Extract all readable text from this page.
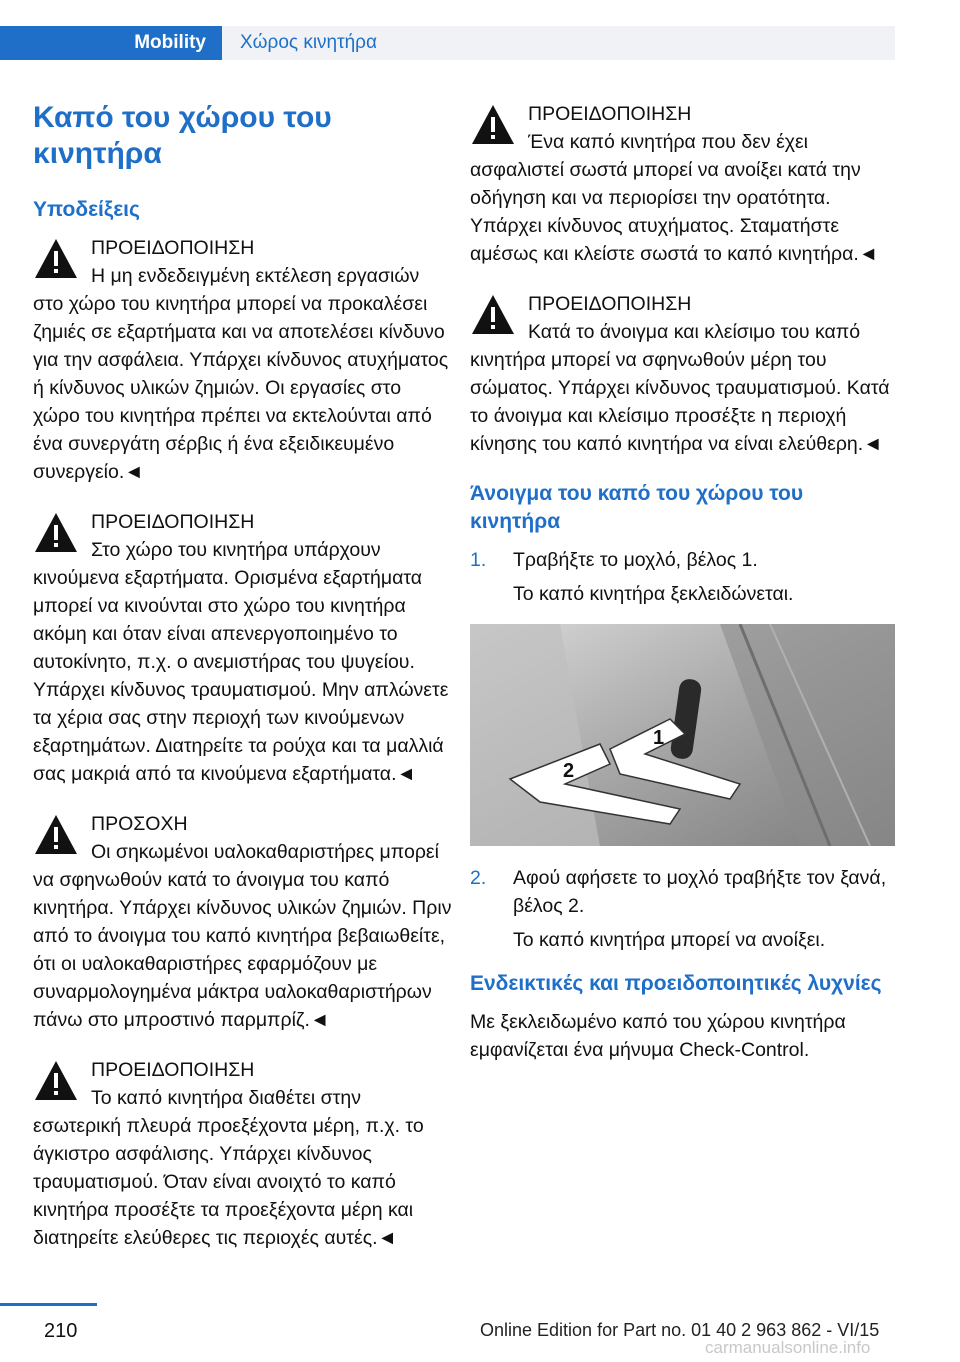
Mobility	Χώρος κινητήρα
Καπό του χώρου του κινητήρα
Υποδείξεις
ΠΡΟΕΙΔΟΠΟΙΗΣΗ

Η μη ενδεδειγμένη εκτέλεση εργασιών στο χώρο του κινητήρα μπορεί να προκαλέσει ζημιές σε εξαρτήματα και να αποτελέσει κίνδυνο για την ασφάλεια. Υπάρχει κίνδυνος ατυχήματος ή κίνδυνος υλικών ζημιών. Οι εργασίες στο χώρο του κινητήρα πρέπει να εκτελούνται από ένα συνεργάτη σέρβις ή ένα εξειδικευμένο συνεργείο.◄

ΠΡΟΕΙΔΟΠΟΙΗΣΗ

Στο χώρο του κινητήρα υπάρχουν κινούμενα εξαρτήματα. Ορισμένα εξαρτήματα μπορεί να κινούνται στο χώρο του κινητήρα ακόμη και όταν είναι απενεργοποιημένο το αυτοκίνητο, π.χ. ο ανεμιστήρας του ψυγείου. Υπάρχει κίνδυνος τραυματισμού. Μην απλώνετε τα χέρια σας στην περιοχή των κινούμενων εξαρτημάτων. Διατηρείτε τα ρούχα και τα μαλλιά σας μακριά από τα κινούμενα εξαρτήματα.◄

ΠΡΟΣΟΧΗ

Οι σηκωμένοι υαλοκαθαριστήρες μπορεί να σφηνωθούν κατά το άνοιγμα του καπό κινητήρα. Υπάρχει κίνδυνος υλικών ζημιών. Πριν από το άνοιγμα του καπό κινητήρα βεβαιωθείτε, ότι οι υαλοκαθαριστήρες εφαρμόζουν με συναρμολογημένα μάκτρα υαλοκαθαριστήρων πάνω στο μπροστινό παρμπρίζ.◄

ΠΡΟΕΙΔΟΠΟΙΗΣΗ

Το καπό κινητήρα διαθέτει στην εσωτερική πλευρά προεξέχοντα μέρη, π.χ. το άγκιστρο ασφάλισης. Υπάρχει κίνδυνος τραυματισμού. Όταν είναι ανοιχτό το καπό κινητήρα προσέξτε τα προεξέχοντα μέρη και διατηρείτε ελεύθερες τις περιοχές αυτές.◄

ΠΡΟΕΙΔΟΠΟΙΗΣΗ

Ένα καπό κινητήρα που δεν έχει ασφαλιστεί σωστά μπορεί να ανοίξει κατά την οδήγηση και να περιορίσει την ορατότητα. Υπάρχει κίνδυνος ατυχήματος. Σταματήστε αμέσως και κλείστε σωστά το καπό κινητήρα.◄

ΠΡΟΕΙΔΟΠΟΙΗΣΗ

Κατά το άνοιγμα και κλείσιμο του καπό κινητήρα μπορεί να σφηνωθούν μέρη του σώματος. Υπάρχει κίνδυνος τραυματισμού. Κατά το άνοιγμα και κλείσιμο προσέξτε η περιοχή κίνησης του καπό κινητήρα να είναι ελεύθερη.◄

Άνοιγμα του καπό του χώρου του κινητήρα
1. Τραβήξτε το μοχλό, βέλος 1.
Το καπό κινητήρα ξεκλειδώνεται.
1
2
2. Αφού αφήσετε το μοχλό τραβήξτε τον ξανά, βέλος 2.
Το καπό κινητήρα μπορεί να ανοίξει.
Ενδεικτικές και προειδοποιητικές λυχνίες

Με ξεκλειδωμένο καπό του χώρου κινητήρα εμφανίζεται ένα μήνυμα Check-Control.

210	Online Edition for Part no. 01 40 2 963 862 - VI/15
carmanualsonline.info
